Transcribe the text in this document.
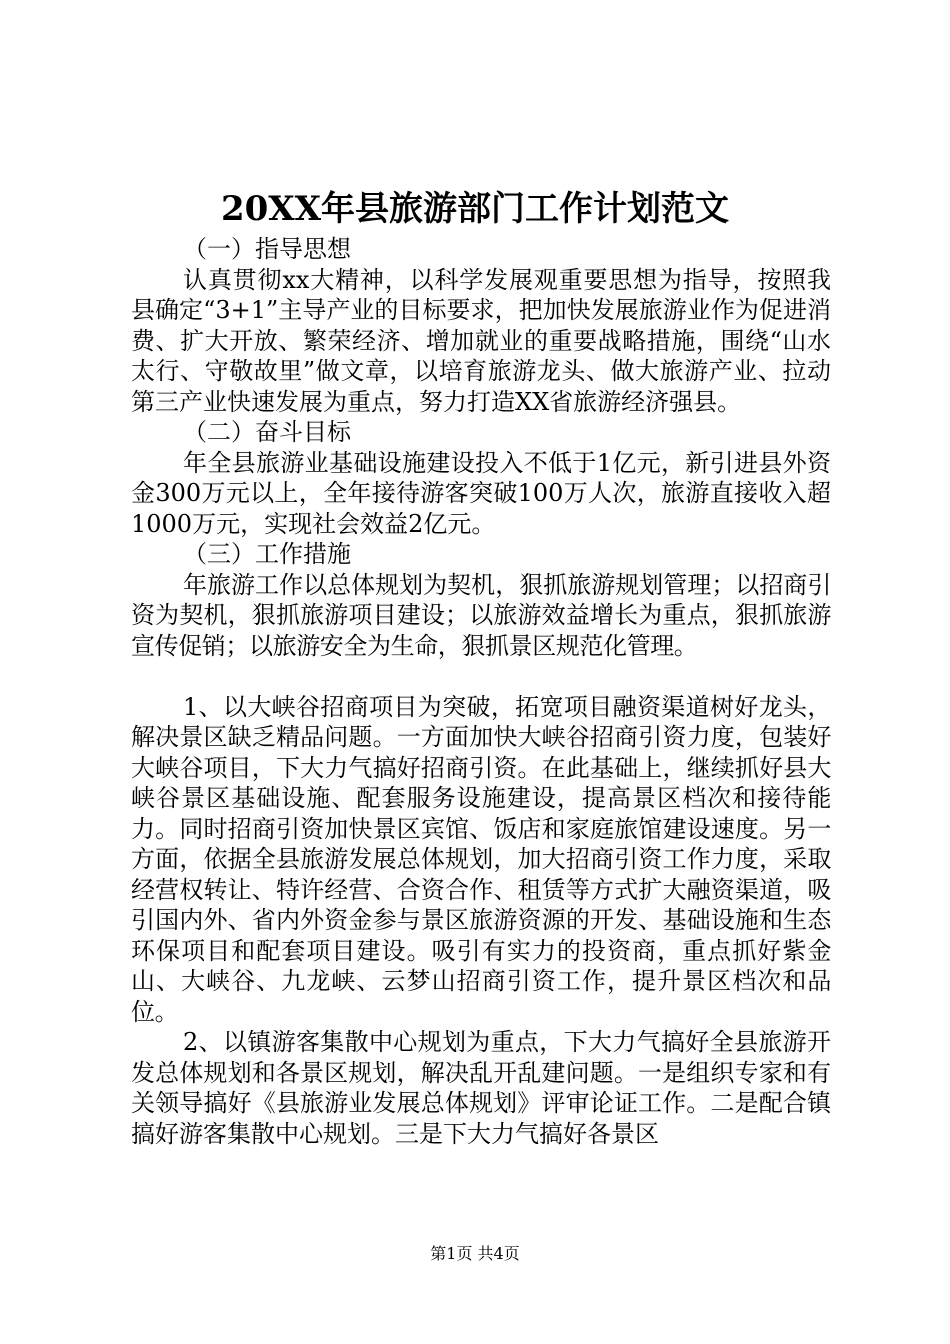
20XX年县旅游部门工作计划范文

（一）指导思想

认真贯彻xx大精神，以科学发展观重要思想为指导，按照我县确定“3+1”主导产业的目标要求，把加快发展旅游业作为促进消费、扩大开放、繁荣经济、增加就业的重要战略措施，围绕“山水太行、守敬故里”做文章，以培育旅游龙头、做大旅游产业、拉动第三产业快速发展为重点，努力打造XX省旅游经济强县。

（二）奋斗目标

年全县旅游业基础设施建设投入不低于1亿元，新引进县外资金300万元以上，全年接待游客突破100万人次，旅游直接收入超1000万元，实现社会效益2亿元。

（三）工作措施

年旅游工作以总体规划为契机，狠抓旅游规划管理；以招商引资为契机，狠抓旅游项目建设；以旅游效益增长为重点，狠抓旅游宣传促销；以旅游安全为生命，狠抓景区规范化管理。

1、以大峡谷招商项目为突破，拓宽项目融资渠道树好龙头，解决景区缺乏精品问题。一方面加快大峡谷招商引资力度，包装好大峡谷项目，下大力气搞好招商引资。在此基础上，继续抓好县大峡谷景区基础设施、配套服务设施建设，提高景区档次和接待能力。同时招商引资加快景区宾馆、饭店和家庭旅馆建设速度。另一方面，依据全县旅游发展总体规划，加大招商引资工作力度，采取经营权转让、特许经营、合资合作、租赁等方式扩大融资渠道，吸引国内外、省内外资金参与景区旅游资源的开发、基础设施和生态环保项目和配套项目建设。吸引有实力的投资商，重点抓好紫金山、大峡谷、九龙峡、云梦山招商引资工作，提升景区档次和品位。

2、以镇游客集散中心规划为重点，下大力气搞好全县旅游开发总体规划和各景区规划，解决乱开乱建问题。一是组织专家和有关领导搞好《县旅游业发展总体规划》评审论证工作。二是配合镇搞好游客集散中心规划。三是下大力气搞好各景区

第1页 共4页
